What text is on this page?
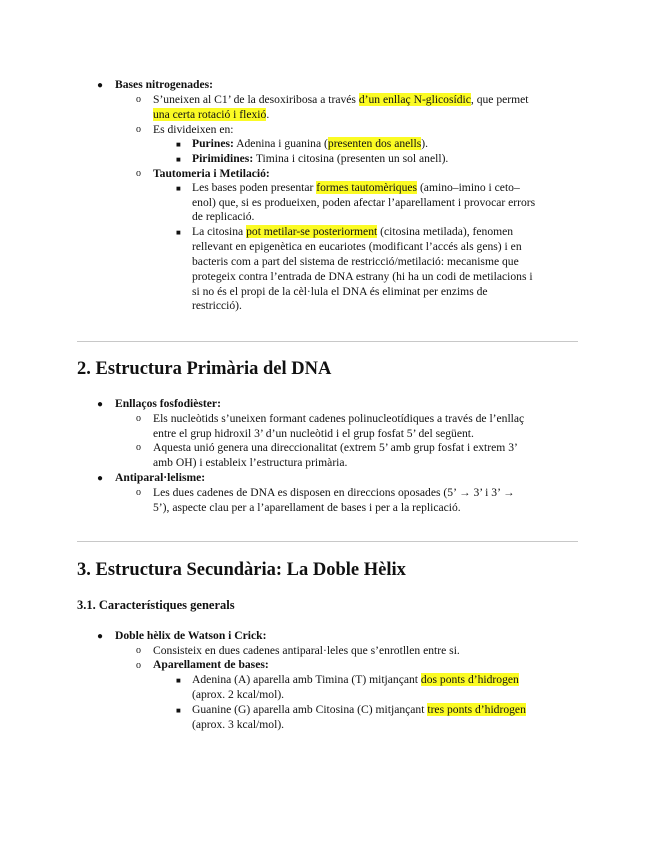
● Bases nitrogenades:
o S’uneixen al C1’ de la desoxiribosa a través d’un enllaç N-glicosídic, que permet
una certa rotació i flexió.
o Es divideixen en:
■ Purines: Adenina i guanina (presenten dos anells).
■ Pirimidines: Timina i citosina (presenten un sol anell).
o Tautomeria i Metilació:
■ Les bases poden presentar formes tautomèriques (amino–imino i ceto–
enol) que, si es produeixen, poden afectar l’aparellament i provocar errors
de replicació.
■ La citosina pot metilar-se posteriorment (citosina metilada), fenomen
rellevant en epigenètica en eucariotes (modificant l’accés als gens) i en
bacteris com a part del sistema de restricció/metilació: mecanisme que
protegeix contra l’entrada de DNA estrany (hi ha un codi de metilacions i
si no és el propi de la cèl·lula el DNA és eliminat per enzims de
restricció).
2. Estructura Primària del DNA
● Enllaços fosfodièster:
o Els nucleòtids s’uneixen formant cadenes polinucleotídiques a través de l’enllaç
entre el grup hidroxil 3’ d’un nucleòtid i el grup fosfat 5’ del següent.
o Aquesta unió genera una direccionalitat (extrem 5’ amb grup fosfat i extrem 3’
amb OH) i estableix l’estructura primària.
● Antiparal·lelisme:
o Les dues cadenes de DNA es disposen en direccions oposades (5’ → 3’ i 3’ →
5’), aspecte clau per a l’aparellament de bases i per a la replicació.
3. Estructura Secundària: La Doble Hèlix
3.1. Característiques generals
● Doble hèlix de Watson i Crick:
o Consisteix en dues cadenes antiparal·leles que s’enrotllen entre si.
o Aparellament de bases:
■ Adenina (A) aparella amb Timina (T) mitjançant dos ponts d’hidrogen
(aprox. 2 kcal/mol).
■ Guanine (G) aparella amb Citosina (C) mitjançant tres ponts d’hidrogen
(aprox. 3 kcal/mol).
